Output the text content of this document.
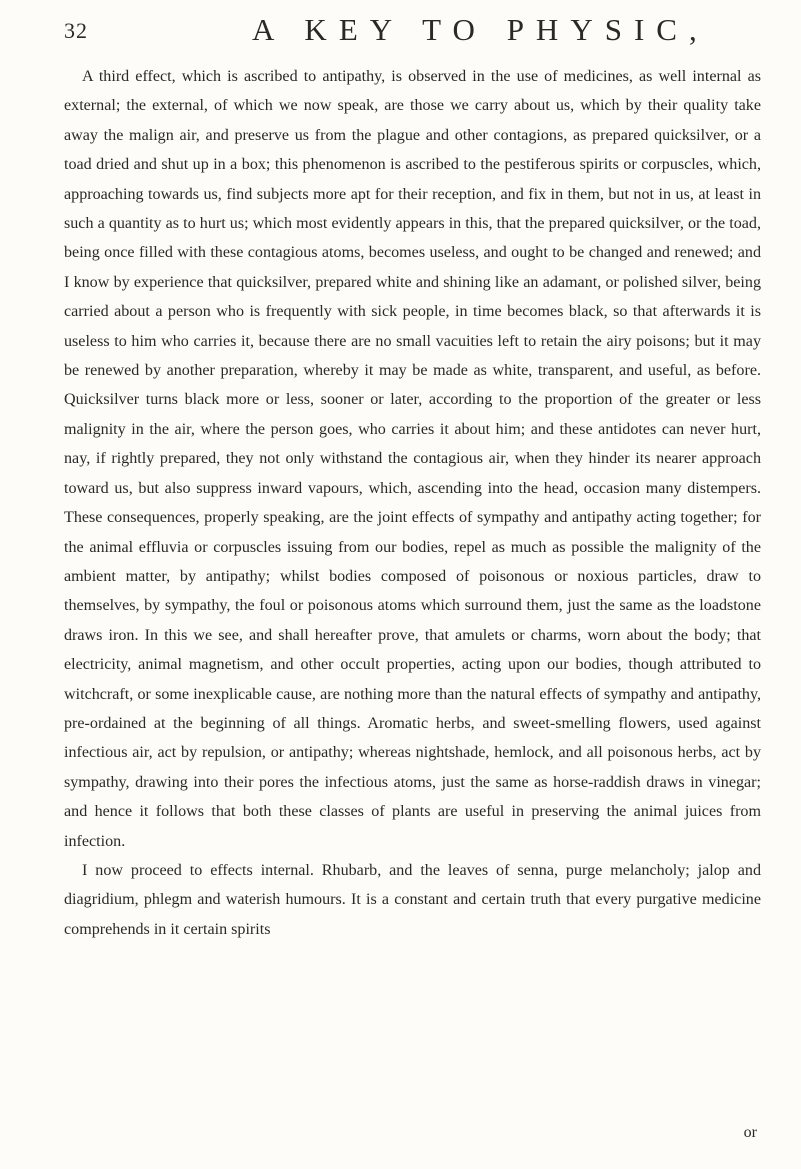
32	A KEY TO PHYSIC,

A third effect, which is ascribed to antipathy, is observed in the use of medicines, as well internal as external; the external, of which we now speak, are those we carry about us, which by their quality take away the malign air, and preserve us from the plague and other contagions, as prepared quicksilver, or a toad dried and shut up in a box; this phenomenon is ascribed to the pestiferous spirits or corpuscles, which, approaching towards us, find subjects more apt for their reception, and fix in them, but not in us, at least in such a quantity as to hurt us; which most evidently appears in this, that the prepared quicksilver, or the toad, being once filled with these contagious atoms, becomes useless, and ought to be changed and renewed; and I know by experience that quicksilver, prepared white and shining like an adamant, or polished silver, being carried about a person who is frequently with sick people, in time becomes black, so that afterwards it is useless to him who carries it, because there are no small vacuities left to retain the airy poisons; but it may be renewed by another preparation, whereby it may be made as white, transparent, and useful, as before. Quicksilver turns black more or less, sooner or later, according to the proportion of the greater or less malignity in the air, where the person goes, who carries it about him; and these antidotes can never hurt, nay, if rightly prepared, they not only withstand the contagious air, when they hinder its nearer approach toward us, but also suppress inward vapours, which, ascending into the head, occasion many distempers. These consequences, properly speaking, are the joint effects of sympathy and antipathy acting together; for the animal effluvia or corpuscles issuing from our bodies, repel as much as possible the malignity of the ambient matter, by antipathy; whilst bodies composed of poisonous or noxious particles, draw to themselves, by sympathy, the foul or poisonous atoms which surround them, just the same as the loadstone draws iron. In this we see, and shall hereafter prove, that amulets or charms, worn about the body; that electricity, animal magnetism, and other occult properties, acting upon our bodies, though attributed to witchcraft, or some inexplicable cause, are nothing more than the natural effects of sympathy and antipathy, pre-ordained at the beginning of all things. Aromatic herbs, and sweet-smelling flowers, used against infectious air, act by repulsion, or antipathy; whereas nightshade, hemlock, and all poisonous herbs, act by sympathy, drawing into their pores the infectious atoms, just the same as horse-raddish draws in vinegar; and hence it follows that both these classes of plants are useful in preserving the animal juices from infection.

I now proceed to effects internal. Rhubarb, and the leaves of senna, purge melancholy; jalop and diagridium, phlegm and waterish humours. It is a constant and certain truth that every purgative medicine comprehends in it certain spirits

or
